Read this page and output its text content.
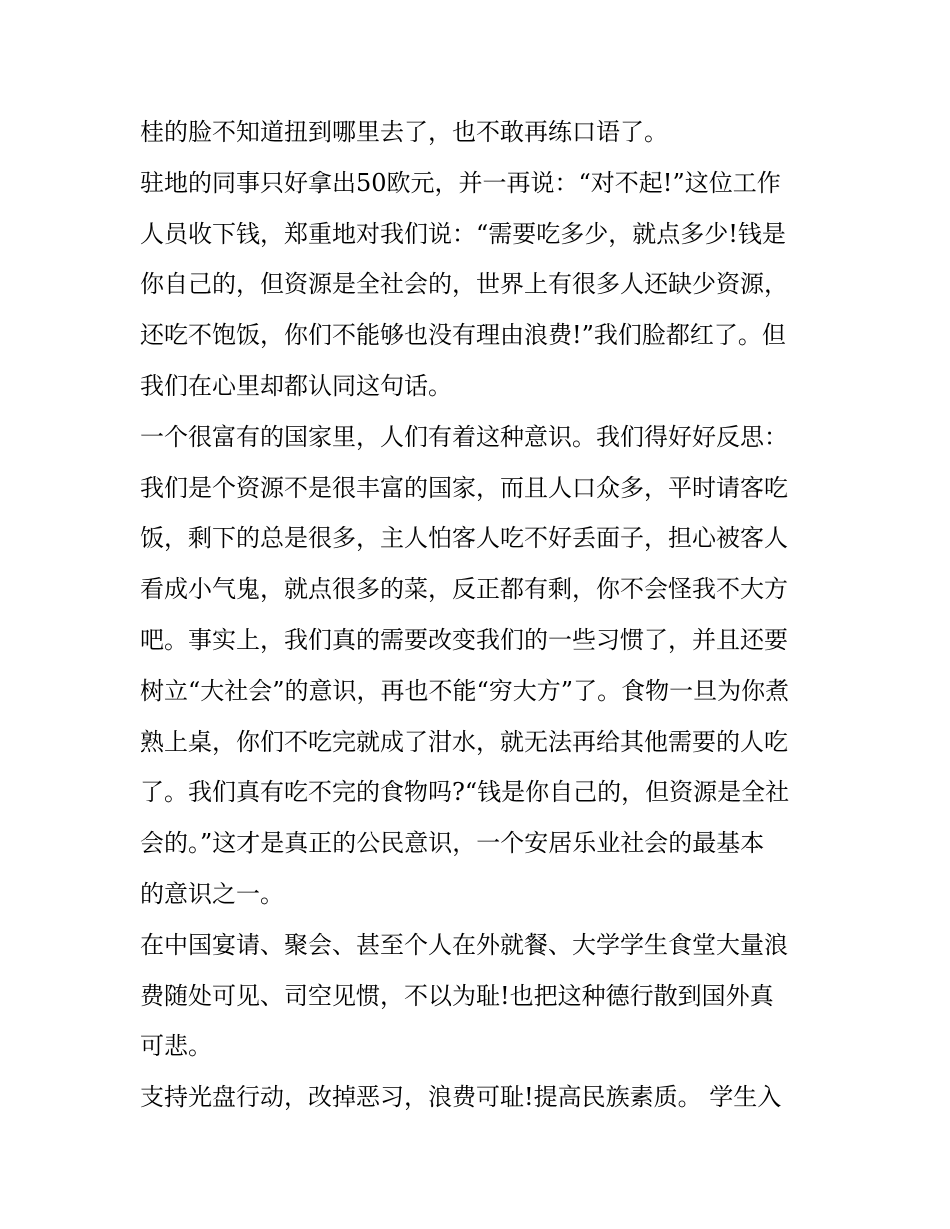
桂的脸不知道扭到哪里去了，也不敢再练口语了。
驻地的同事只好拿出50欧元，并一再说：“对不起!”这位工作
人员收下钱，郑重地对我们说：“需要吃多少，就点多少!钱是
你自己的，但资源是全社会的，世界上有很多人还缺少资源，
还吃不饱饭，你们不能够也没有理由浪费!”我们脸都红了。但
我们在心里却都认同这句话。
一个很富有的国家里，人们有着这种意识。我们得好好反思：
我们是个资源不是很丰富的国家，而且人口众多，平时请客吃
饭，剩下的总是很多，主人怕客人吃不好丢面子，担心被客人
看成小气鬼，就点很多的菜，反正都有剩，你不会怪我不大方
吧。事实上，我们真的需要改变我们的一些习惯了，并且还要
树立“大社会”的意识，再也不能“穷大方”了。食物一旦为你煮
熟上桌，你们不吃完就成了泔水，就无法再给其他需要的人吃
了。我们真有吃不完的食物吗?“钱是你自己的，但资源是全社
会的。”这才是真正的公民意识，一个安居乐业社会的最基本
的意识之一。
在中国宴请、聚会、甚至个人在外就餐、大学学生食堂大量浪
费随处可见、司空见惯，不以为耻!也把这种德行散到国外真
可悲。
支持光盘行动，改掉恶习，浪费可耻!提高民族素质。 学生入
